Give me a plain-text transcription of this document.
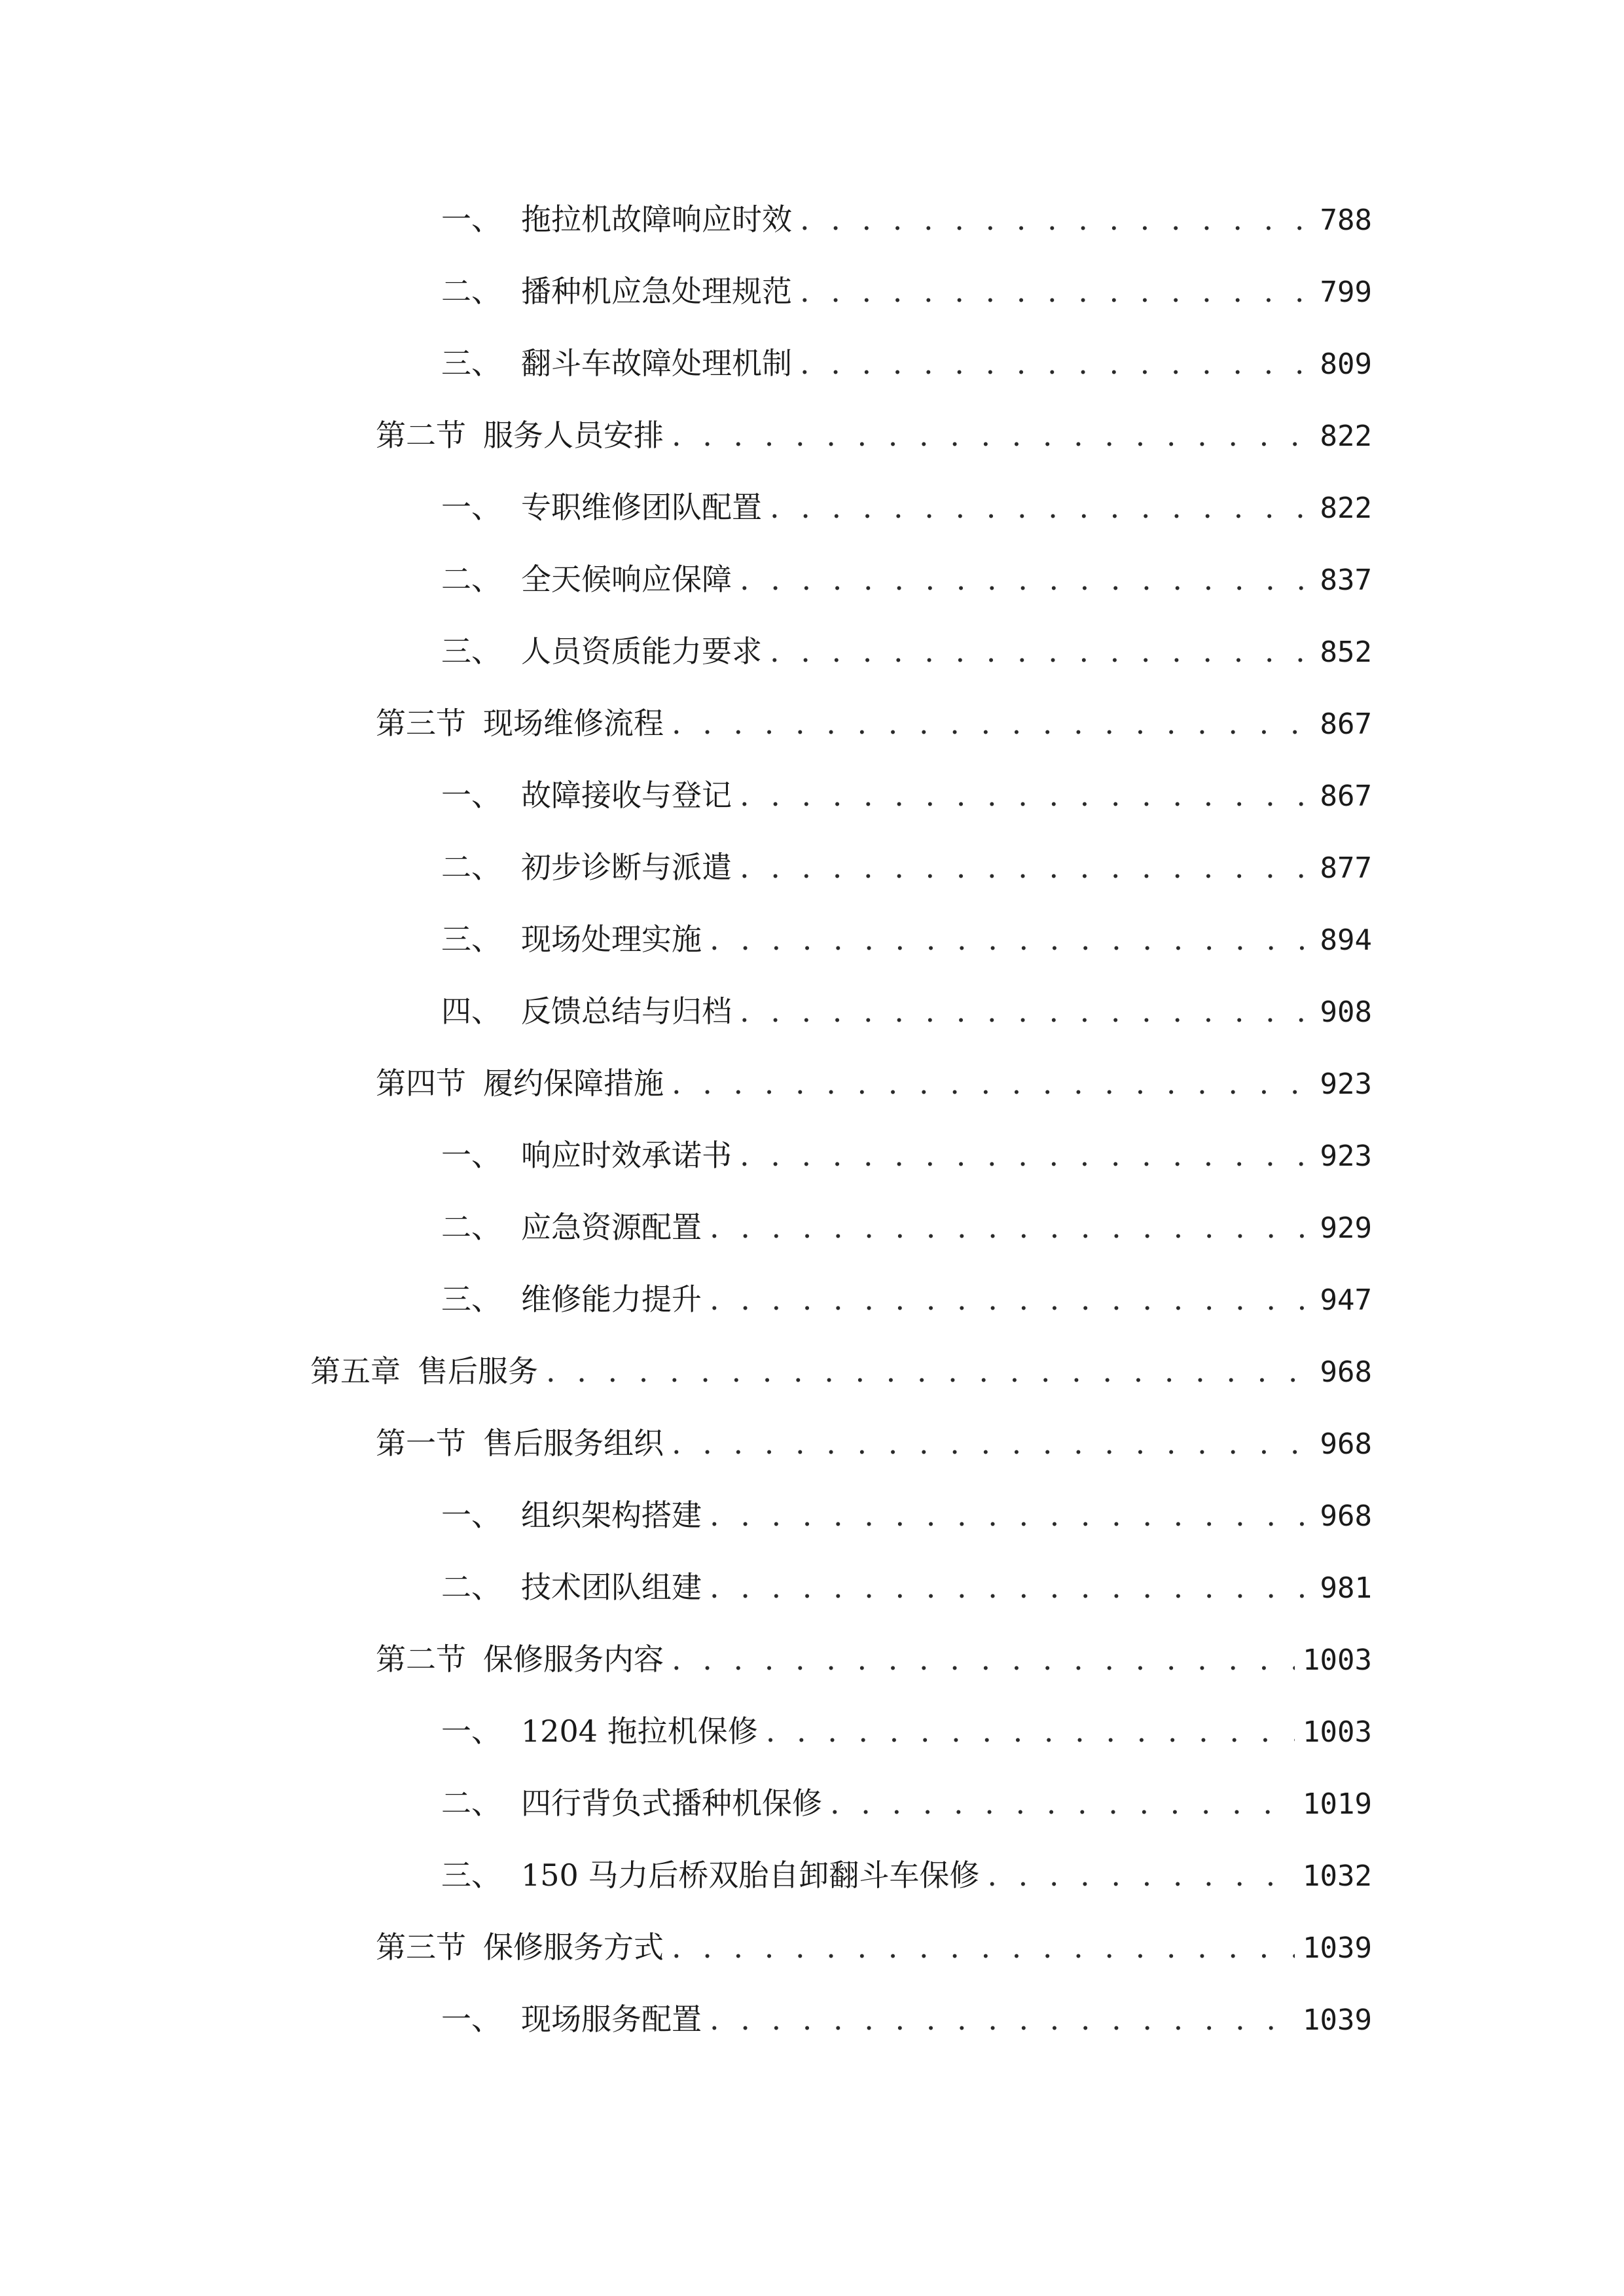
一、 拖拉机故障响应时效 . . .	788
二、 播种机应急处理规范 . . .	799
三、 翻斗车故障处理机制 . . .	809
第二节 服务人员安排 . . .	822
一、 专职维修团队配置 . . .	822
二、 全天候响应保障 . . .	837
三、 人员资质能力要求 . . .	852
第三节 现场维修流程 . . .	867
一、 故障接收与登记 . . .	867
二、 初步诊断与派遣 . . .	877
三、 现场处理实施 . . .	894
四、 反馈总结与归档 . . .	908
第四节 履约保障措施 . . .	923
一、 响应时效承诺书 . . .	923
二、 应急资源配置 . . .	929
三、 维修能力提升 . . .	947
第五章 售后服务 . . .	968
第一节 售后服务组织 . . .	968
一、 组织架构搭建 . . .	968
二、 技术团队组建 . . .	981
第二节 保修服务内容 . . .	1003
一、 1204 拖拉机保修 . . .	1003
二、 四行背负式播种机保修 . . .	1019
三、 150 马力后桥双胎自卸翻斗车保修 . . .	1032
第三节 保修服务方式 . . .	1039
一、 现场服务配置 . . .	1039
